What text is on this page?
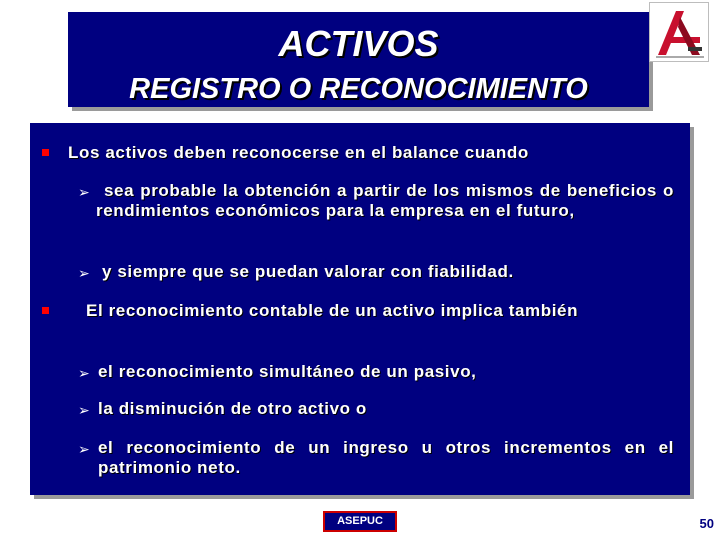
ACTIVOS
REGISTRO O RECONOCIMIENTO
Los activos deben reconocerse en el balance cuando
➢ sea probable la obtención a partir de los mismos de beneficios o rendimientos económicos para la empresa en el futuro,
➢ y siempre que se puedan valorar con fiabilidad.
El reconocimiento contable de un activo implica también
➢ el reconocimiento simultáneo de un pasivo,
➢ la disminución de otro activo o
➢ el reconocimiento de un ingreso u otros incrementos en el patrimonio neto.
ASEPUC	50
